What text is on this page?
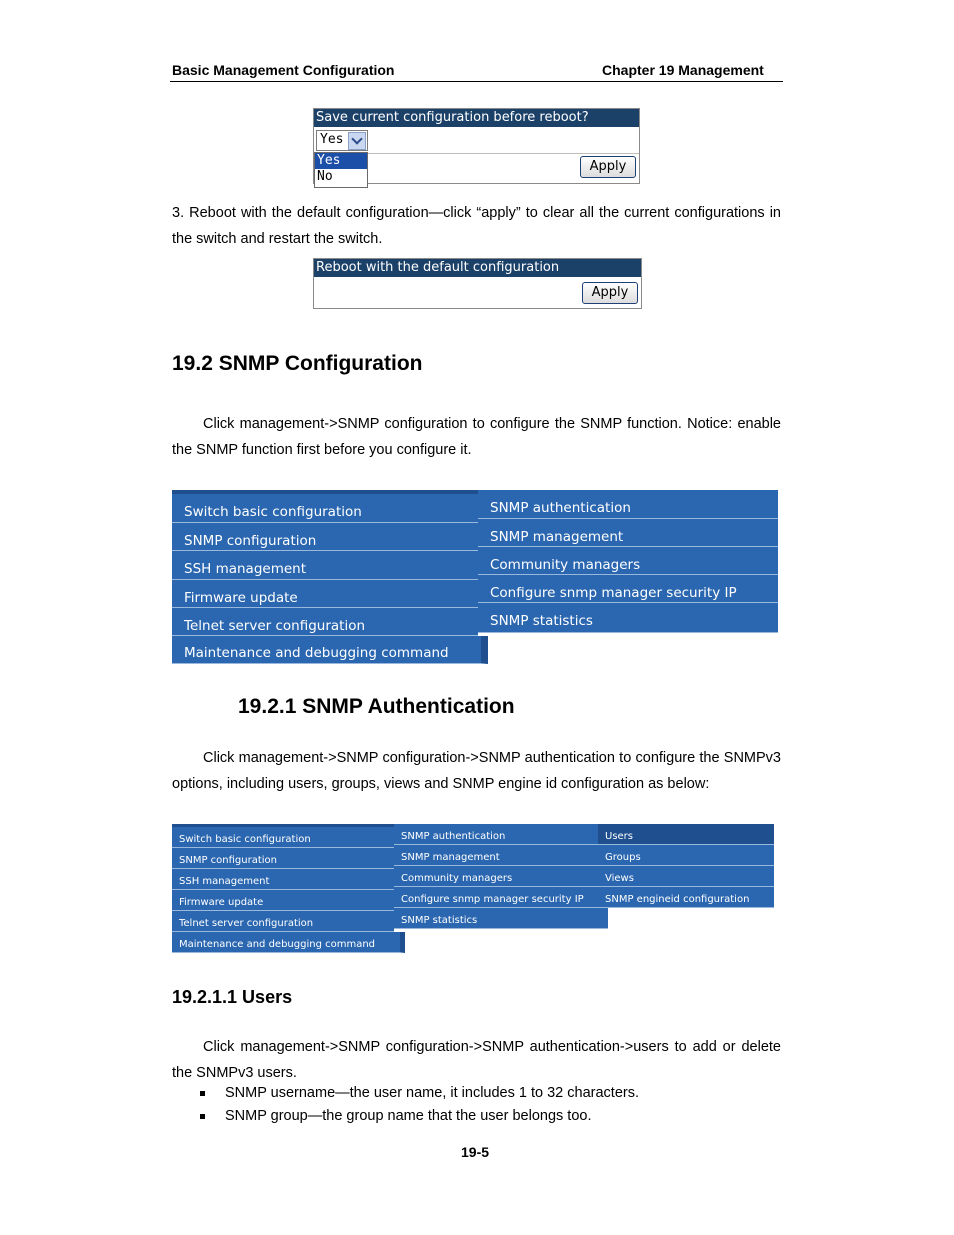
Basic Management Configuration	Chapter 19 Management
Save current configuration before reboot?
Yes
Apply
Yes
No
3. Reboot with the default configuration—click “apply” to clear all the current configurations in the switch and restart the switch.
Reboot with the default configuration
Apply
19.2 SNMP Configuration
Click management->SNMP configuration to configure the SNMP function. Notice: enable the SNMP function first before you configure it.
Switch basic configuration
SNMP configuration
SSH management
Firmware update
Telnet server configuration
Maintenance and debugging command
SNMP authentication
SNMP management
Community managers
Configure snmp manager security IP
SNMP statistics
19.2.1 SNMP Authentication
Click management->SNMP configuration->SNMP authentication to configure the SNMPv3 options, including users, groups, views and SNMP engine id configuration as below:
Switch basic configuration
SNMP configuration
SSH management
Firmware update
Telnet server configuration
Maintenance and debugging command
SNMP authentication
SNMP management
Community managers
Configure snmp manager security IP
SNMP statistics
Users
Groups
Views
SNMP engineid configuration
19.2.1.1 Users
Click management->SNMP configuration->SNMP authentication->users to add or delete the SNMPv3 users.
SNMP username—the user name, it includes 1 to 32 characters.
SNMP group—the group name that the user belongs too.
19-5
